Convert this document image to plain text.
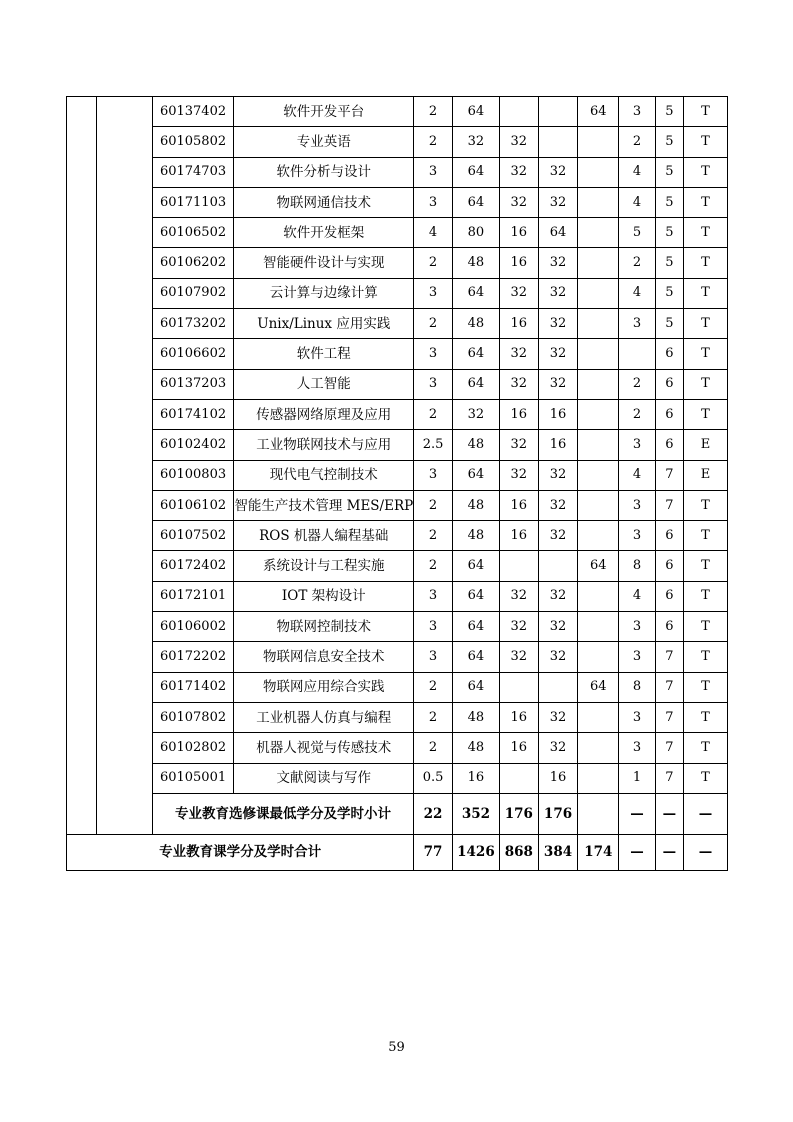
		60137402	软件开发平台	2	64			64	3	5	T
		60105802	专业英语	2	32	32			2	5	T
		60174703	软件分析与设计	3	64	32	32		4	5	T
		60171103	物联网通信技术	3	64	32	32		4	5	T
		60106502	软件开发框架	4	80	16	64		5	5	T
		60106202	智能硬件设计与实现	2	48	16	32		2	5	T
		60107902	云计算与边缘计算	3	64	32	32		4	5	T
		60173202	Unix/Linux 应用实践	2	48	16	32		3	5	T
		60106602	软件工程	3	64	32	32			6	T
		60137203	人工智能	3	64	32	32		2	6	T
		60174102	传感器网络原理及应用	2	32	16	16		2	6	T
		60102402	工业物联网技术与应用	2.5	48	32	16		3	6	E
		60100803	现代电气控制技术	3	64	32	32		4	7	E
		60106102	智能生产技术管理 MES/ERP	2	48	16	32		3	7	T
		60107502	ROS 机器人编程基础	2	48	16	32		3	6	T
		60172402	系统设计与工程实施	2	64			64	8	6	T
		60172101	IOT 架构设计	3	64	32	32		4	6	T
		60106002	物联网控制技术	3	64	32	32		3	6	T
		60172202	物联网信息安全技术	3	64	32	32		3	7	T
		60171402	物联网应用综合实践	2	64			64	8	7	T
		60107802	工业机器人仿真与编程	2	48	16	32		3	7	T
		60102802	机器人视觉与传感技术	2	48	16	32		3	7	T
		60105001	文献阅读与写作	0.5	16		16		1	7	T
		专业教育选修课最低学分及学时小计		22	352	176	176		—	—	—
专业教育课学分及学时合计				77	1426	868	384	174	—	—	—
59
